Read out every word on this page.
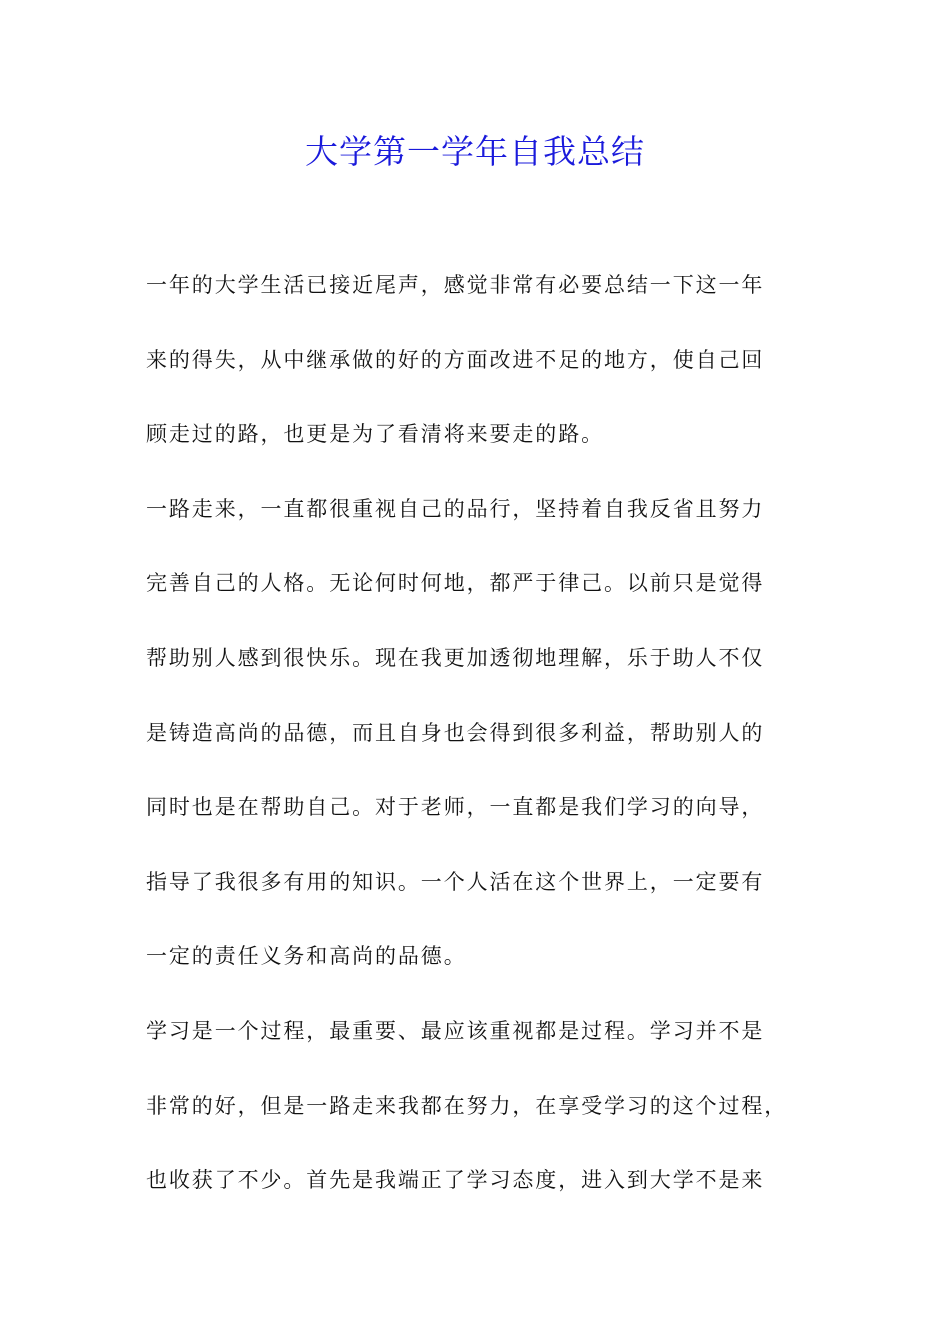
大学第一学年自我总结
一年的大学生活已接近尾声，感觉非常有必要总结一下这一年
来的得失，从中继承做的好的方面改进不足的地方，使自己回
顾走过的路，也更是为了看清将来要走的路。
一路走来，一直都很重视自己的品行，坚持着自我反省且努力
完善自己的人格。无论何时何地，都严于律己。以前只是觉得
帮助别人感到很快乐。现在我更加透彻地理解，乐于助人不仅
是铸造高尚的品德，而且自身也会得到很多利益，帮助别人的
同时也是在帮助自己。对于老师，一直都是我们学习的向导，
指导了我很多有用的知识。一个人活在这个世界上，一定要有
一定的责任义务和高尚的品德。
学习是一个过程，最重要、最应该重视都是过程。学习并不是
非常的好，但是一路走来我都在努力，在享受学习的这个过程，
也收获了不少。首先是我端正了学习态度，进入到大学不是来
